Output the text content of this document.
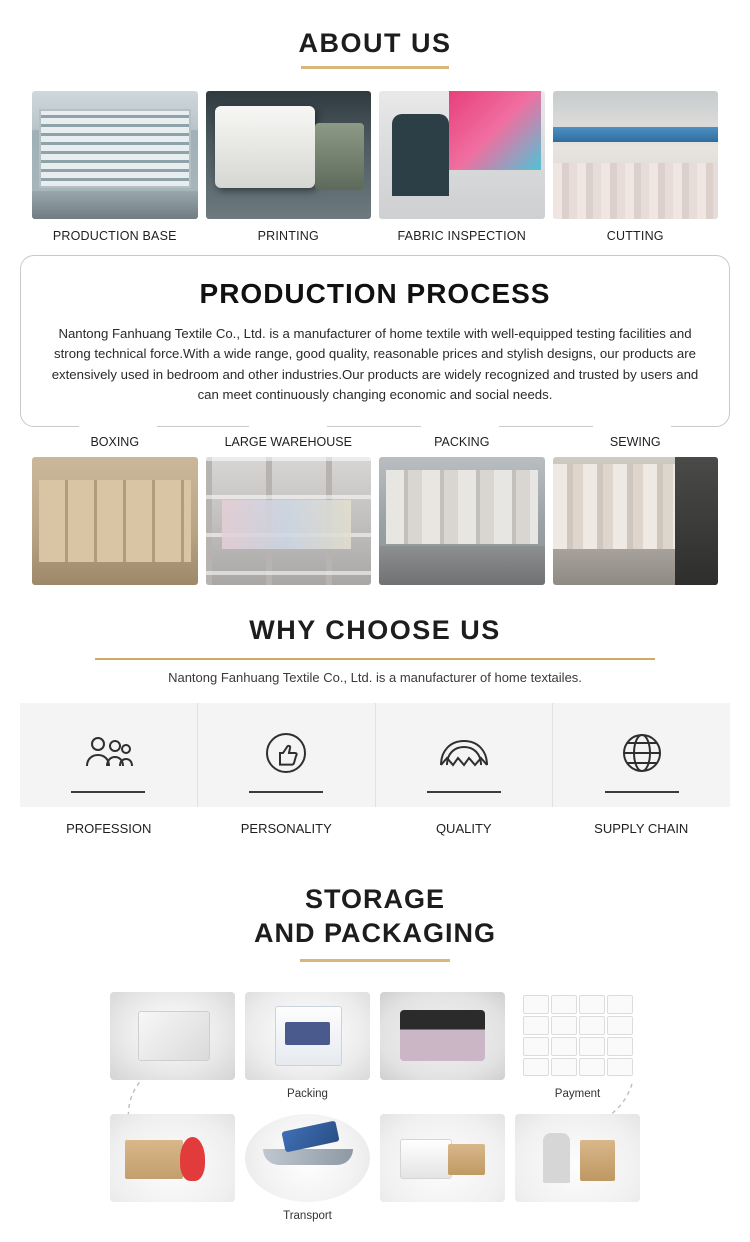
ABOUT US
PRODUCTION BASE	PRINTING	FABRIC INSPECTION	CUTTING
PRODUCTION PROCESS

Nantong Fanhuang Textile Co., Ltd. is a manufacturer of home textile with well-equipped testing facilities and strong technical force.With a wide range, good quality, reasonable prices and stylish designs, our products are extensively used in bedroom and other industries.Our products are widely recognized and trusted by users and can meet continuously changing economic and social needs.

BOXING	LARGE WAREHOUSE	PACKING	SEWING
WHY CHOOSE US
Nantong Fanhuang Textile Co., Ltd. is a manufacturer of home textailes.
PROFESSION	PERSONALITY	QUALITY	SUPPLY CHAIN
STORAGE
AND PACKAGING
Packing	Payment
Transport
